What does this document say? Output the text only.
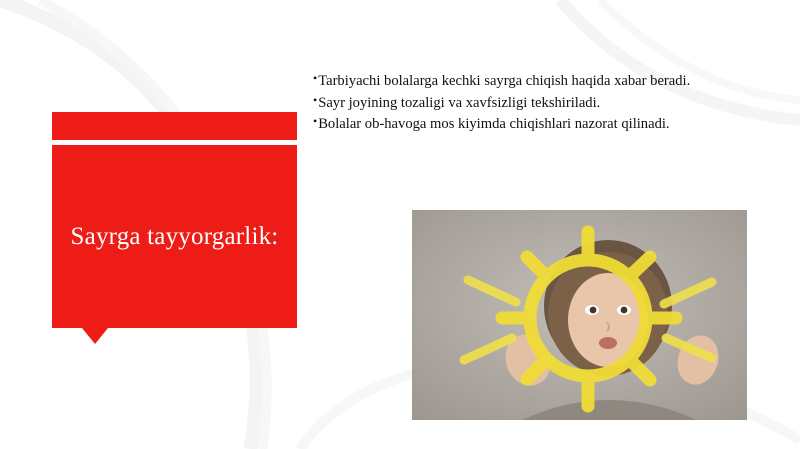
Sayrga tayyorgarlik:
• Tarbiyachi bolalarga kechki sayrga chiqish haqida xabar beradi.
• Sayr joyining tozaligi va xavfsizligi tekshiriladi.
• Bolalar ob-havoga mos kiyimda chiqishlari nazorat qilinadi.
